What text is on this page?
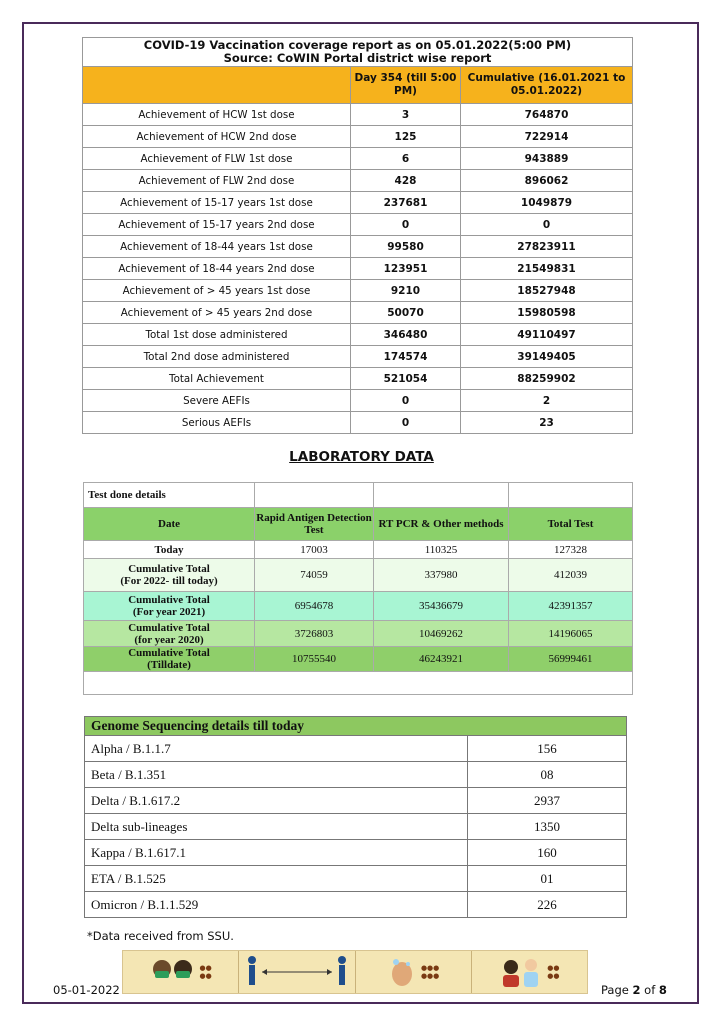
COVID-19 Vaccination coverage report as on 05.01.2022(5:00 PM)
Source: CoWIN Portal district wise report		

	Day 354 (till 5:00 PM)	Cumulative (16.01.2021 to 05.01.2022)
Achievement of HCW 1st dose	3	764870
Achievement of HCW 2nd dose	125	722914
Achievement of FLW 1st dose	6	943889
Achievement of FLW 2nd dose	428	896062
Achievement of 15-17 years 1st dose	237681	1049879
Achievement of 15-17 years 2nd dose	0	0
Achievement of 18-44 years 1st dose	99580	27823911
Achievement of 18-44 years 2nd dose	123951	21549831
Achievement of > 45 years 1st dose	9210	18527948
Achievement of > 45 years 2nd dose	50070	15980598
Total 1st dose administered	346480	49110497
Total 2nd dose administered	174574	39149405
Total Achievement	521054	88259902
Severe AEFIs	0	2
Serious AEFIs	0	23
LABORATORY DATA
Test done details			
Date	Rapid Antigen Detection Test	RT PCR & Other methods	Total Test

Today	17003	110325	127328

Cumulative Total
(For 2022- till today)	74059	337980	412039

Cumulative Total
(For year 2021)	6954678	35436679	42391357

Cumulative Total
(for year 2020)	3726803	10469262	14196065

Cumulative Total
(Tilldate)	10755540	46243921	56999461

Genome Sequencing details till today	
Alpha / B.1.1.7	156
Beta / B.1.351	08
Delta / B.1.617.2	2937
Delta sub-lineages	1350
Kappa / B.1.617.1	160
ETA / B.1.525	01
Omicron / B.1.1.529	226
*Data received from SSU.
●●
●●
●●●
●●●
●●
●●
05-01-2022	Page 2 of 8
